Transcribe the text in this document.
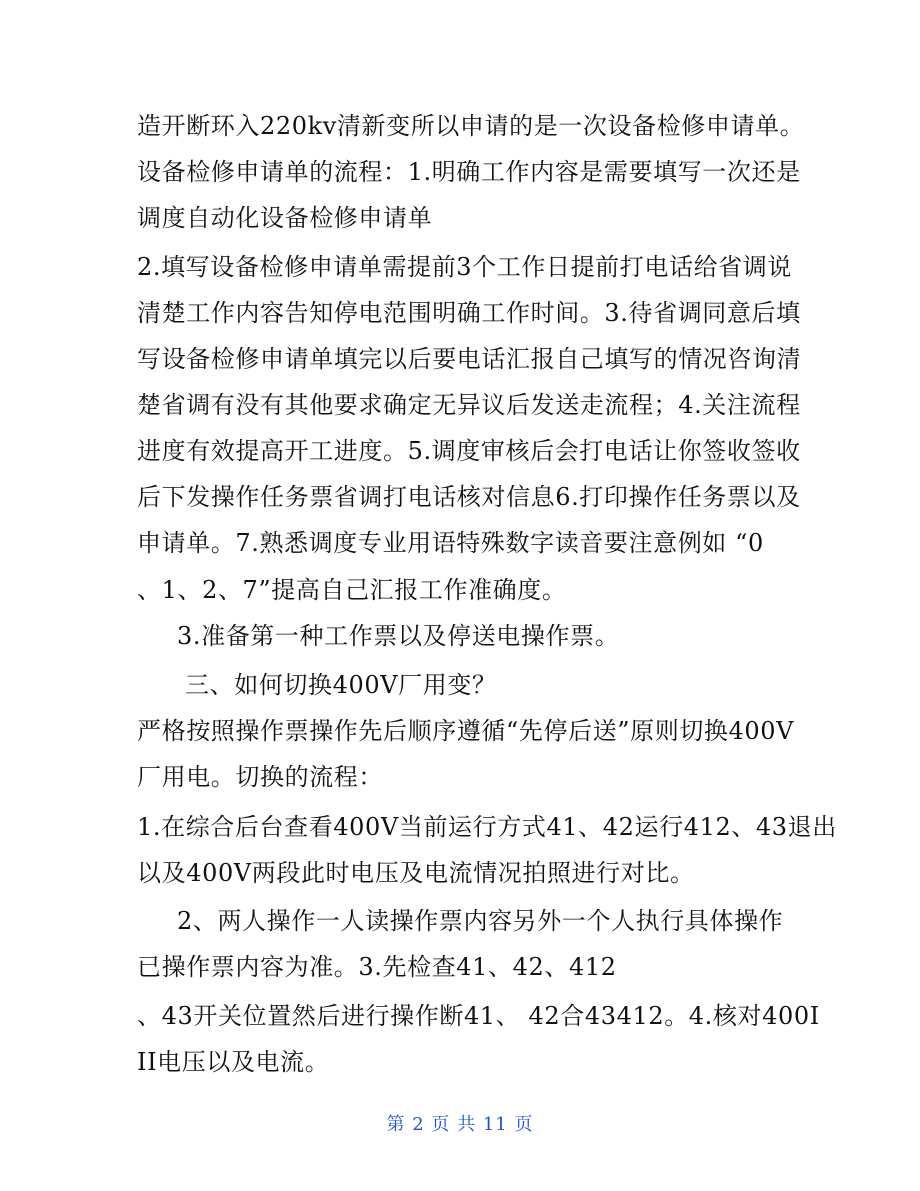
造开断环入220kv清新变所以申请的是一次设备检修申请单。
设备检修申请单的流程：1.明确工作内容是需要填写一次还是
调度自动化设备检修申请单
2.填写设备检修申请单需提前3个工作日提前打电话给省调说
清楚工作内容告知停电范围明确工作时间。3.待省调同意后填
写设备检修申请单填完以后要电话汇报自己填写的情况咨询清
楚省调有没有其他要求确定无异议后发送走流程；4.关注流程
进度有效提高开工进度。5.调度审核后会打电话让你签收签收
后下发操作任务票省调打电话核对信息6.打印操作任务票以及
申请单。7.熟悉调度专业用语特殊数字读音要注意例如 “0
、1、2、7”提高自己汇报工作准确度。
3.准备第一种工作票以及停送电操作票。
三、如何切换400V厂用变？
严格按照操作票操作先后顺序遵循“先停后送”原则切换400V
厂用电。切换的流程：
1.在综合后台查看400V当前运行方式41、42运行412、43退出
以及400V两段此时电压及电流情况拍照进行对比。
2、两人操作一人读操作票内容另外一个人执行具体操作
已操作票内容为准。3.先检查41、42、412
、43开关位置然后进行操作断41、 42合43412。4.核对400I
II电压以及电流。
第 2 页 共 11 页
